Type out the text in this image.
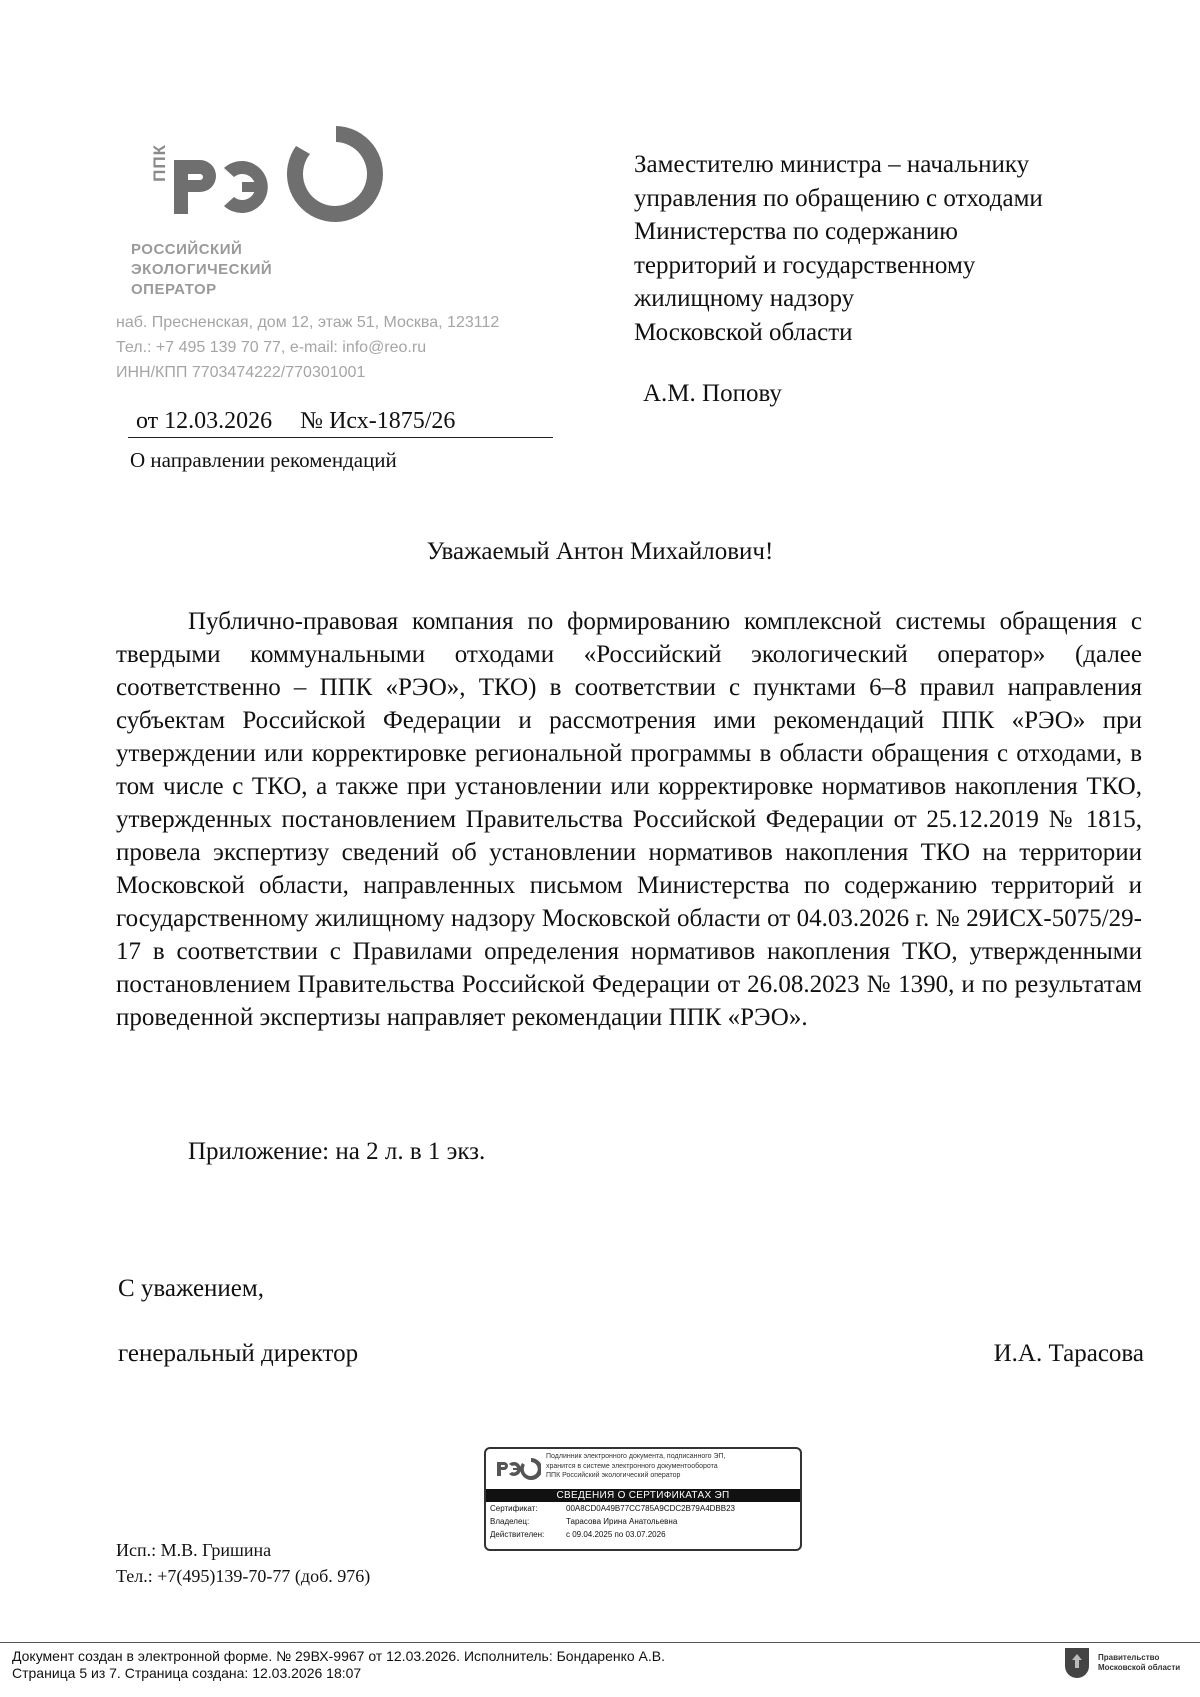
ППК
РОССИЙСКИЙ
ЭКОЛОГИЧЕСКИЙ
ОПЕРАТОР
наб. Пресненская, дом 12, этаж 51, Москва, 123112
Тел.: +7 495 139 70 77, e-mail: info@reo.ru
ИНН/КПП 7703474222/770301001
Заместителю министра – начальнику
управления по обращению с отходами
Министерства по содержанию
территорий и государственному
жилищному надзору
Московской области
А.М. Попову
от 12.03.2026 № Исх-1875/26
О направлении рекомендаций
Уважаемый Антон Михайлович!

Публично-правовая компания по формированию комплексной системы обращения с твердыми коммунальными отходами «Российский экологический оператор» (далее соответственно – ППК «РЭО», ТКО) в соответствии с пунктами 6–8 правил направления субъектам Российской Федерации и рассмотрения ими рекомендаций ППК «РЭО» при утверждении или корректировке региональной программы в области обращения с отходами, в том числе с ТКО, а также при установлении или корректировке нормативов накопления ТКО, утвержденных постановлением Правительства Российской Федерации от 25.12.2019 № 1815, провела экспертизу сведений об установлении нормативов накопления ТКО на территории Московской области, направленных письмом Министерства по содержанию территорий и государственному жилищному надзору Московской области от 04.03.2026 г. № 29ИСХ-5075/29-17 в соответствии с Правилами определения нормативов накопления ТКО, утвержденными постановлением Правительства Российской Федерации от 26.08.2023 № 1390, и по результатам проведенной экспертизы направляет рекомендации ППК «РЭО».

Приложение: на 2 л. в 1 экз.
С уважением,
генеральный директор	И.А. Тарасова
Подлинник электронного документа, подписанного ЭП,
хранится в системе электронного документооборота
ППК Российский экологический оператор
СВЕДЕНИЯ О СЕРТИФИКАТАХ ЭП
Сертификат:	00A8CD0A49B77CC785A9CDC2B79A4DBB23
Владелец:	Тарасова Ирина Анатольевна
Действителен:	с 09.04.2025 по 03.07.2026
Исп.: М.В. Гришина
Тел.: +7(495)139-70-77 (доб. 976)
Документ создан в электронной форме. № 29ВХ-9967 от 12.03.2026. Исполнитель: Бондаренко А.В.
Страница 5 из 7. Страница создана: 12.03.2026 18:07
Правительство
Московской области
